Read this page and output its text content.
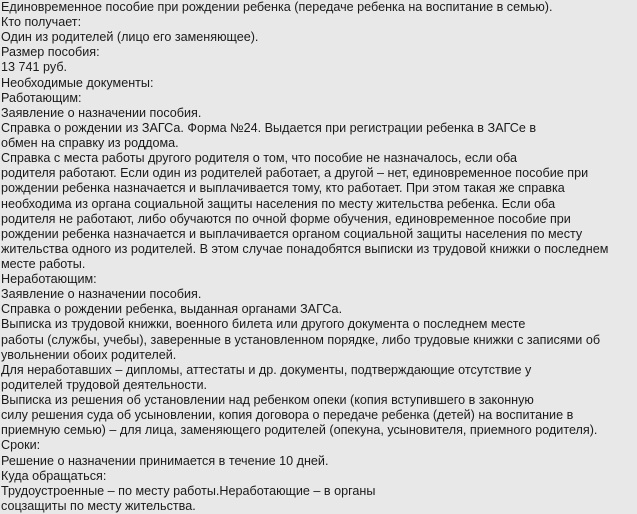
Единовременное пособие при рождении ребенка (передаче ребенка на воспитание в семью).
Кто получает:
Один из родителей (лицо его заменяющее).
Размер пособия:
13 741 руб.
Необходимые документы:
Работающим:
Заявление о назначении пособия.
Справка о рождении из ЗАГСа. Форма №24. Выдается при регистрации ребенка в ЗАГСе в
обмен на справку из роддома.
Справка с места работы другого родителя о том, что пособие не назначалось, если оба
родителя работают. Если один из родителей работает, а другой – нет, единовременное пособие при
рождении ребенка назначается и выплачивается тому, кто работает. При этом такая же справка
необходима из органа социальной защиты населения по месту жительства ребенка. Если оба
родителя не работают, либо обучаются по очной форме обучения, единовременное пособие при
рождении ребенка назначается и выплачивается органом социальной защиты населения по месту
жительства одного из родителей. В этом случае понадобятся выписки из трудовой книжки о последнем
месте работы.
Неработающим:
Заявление о назначении пособия.
Справка о рождении ребенка, выданная органами ЗАГСа.
Выписка из трудовой книжки, военного билета или другого документа о последнем месте
работы (службы, учебы), заверенные в установленном порядке, либо трудовые книжки с записями об
увольнении обоих родителей.
Для неработавших – дипломы, аттестаты и др. документы, подтверждающие отсутствие у
родителей трудовой деятельности.
Выписка из решения об установлении над ребенком опеки (копия вступившего в законную
силу решения суда об усыновлении, копия договора о передаче ребенка (детей) на воспитание в
приемную семью) – для лица, заменяющего родителей (опекуна, усыновителя, приемного родителя).
Сроки:
Решение о назначении принимается в течение 10 дней.
Куда обращаться:
Трудоустроенные – по месту работы.Неработающие – в органы
соцзащиты по месту жительства.
